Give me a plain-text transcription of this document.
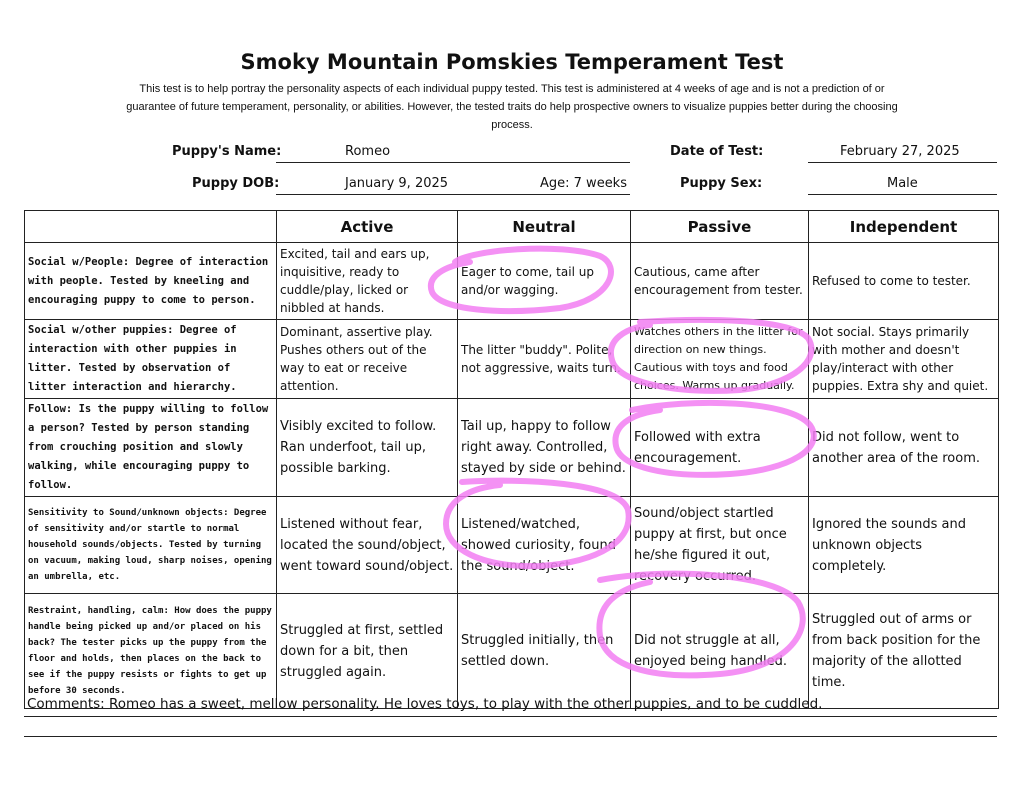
Smoky Mountain Pomskies Temperament Test
This test is to help portray the personality aspects of each individual puppy tested. This test is administered at 4 weeks of age and is not a prediction of or guarantee of future temperament, personality, or abilities. However, the tested traits do help prospective owners to visualize puppies better during the choosing process.
Puppy's Name:	Romeo	Date of Test:	February 27, 2025
Puppy DOB:	January 9, 2025	Age: 7 weeks	Puppy Sex:	Male
	Active	Neutral	Passive	Independent
Social w/People: Degree of interaction with people. Tested by kneeling and encouraging puppy to come to person.	Excited, tail and ears up, inquisitive, ready to cuddle/play, licked or nibbled at hands.	Eager to come, tail up and/or wagging.	Cautious, came after encouragement from tester.	Refused to come to tester.
Social w/other puppies: Degree of interaction with other puppies in litter. Tested by observation of litter interaction and hierarchy.	Dominant, assertive play. Pushes others out of the way to eat or receive attention.	The litter "buddy". Polite, not aggressive, waits turn.	Watches others in the litter for direction on new things. Cautious with toys and food choices. Warms up gradually.	Not social. Stays primarily with mother and doesn't play/interact with other puppies. Extra shy and quiet.
Follow: Is the puppy willing to follow a person? Tested by person standing from crouching position and slowly walking, while encouraging puppy to follow.	Visibly excited to follow. Ran underfoot, tail up, possible barking.	Tail up, happy to follow right away. Controlled, stayed by side or behind.	Followed with extra encouragement.	Did not follow, went to another area of the room.
Sensitivity to Sound/unknown objects: Degree of sensitivity and/or startle to normal household sounds/objects. Tested by turning on vacuum, making loud, sharp noises, opening an umbrella, etc.	Listened without fear, located the sound/object, went toward sound/object.	Listened/watched, showed curiosity, found the sound/object.	Sound/object startled puppy at first, but once he/she figured it out, recovery occurred.	Ignored the sounds and unknown objects completely.
Restraint, handling, calm: How does the puppy handle being picked up and/or placed on his back? The tester picks up the puppy from the floor and holds, then places on the back to see if the puppy resists or fights to get up before 30 seconds.	Struggled at first, settled down for a bit, then struggled again.	Struggled initially, then settled down.	Did not struggle at all, enjoyed being handled.	Struggled out of arms or from back position for the majority of the allotted time.
Comments: Romeo has a sweet, mellow personality. He loves toys, to play with the other puppies, and to be cuddled.
